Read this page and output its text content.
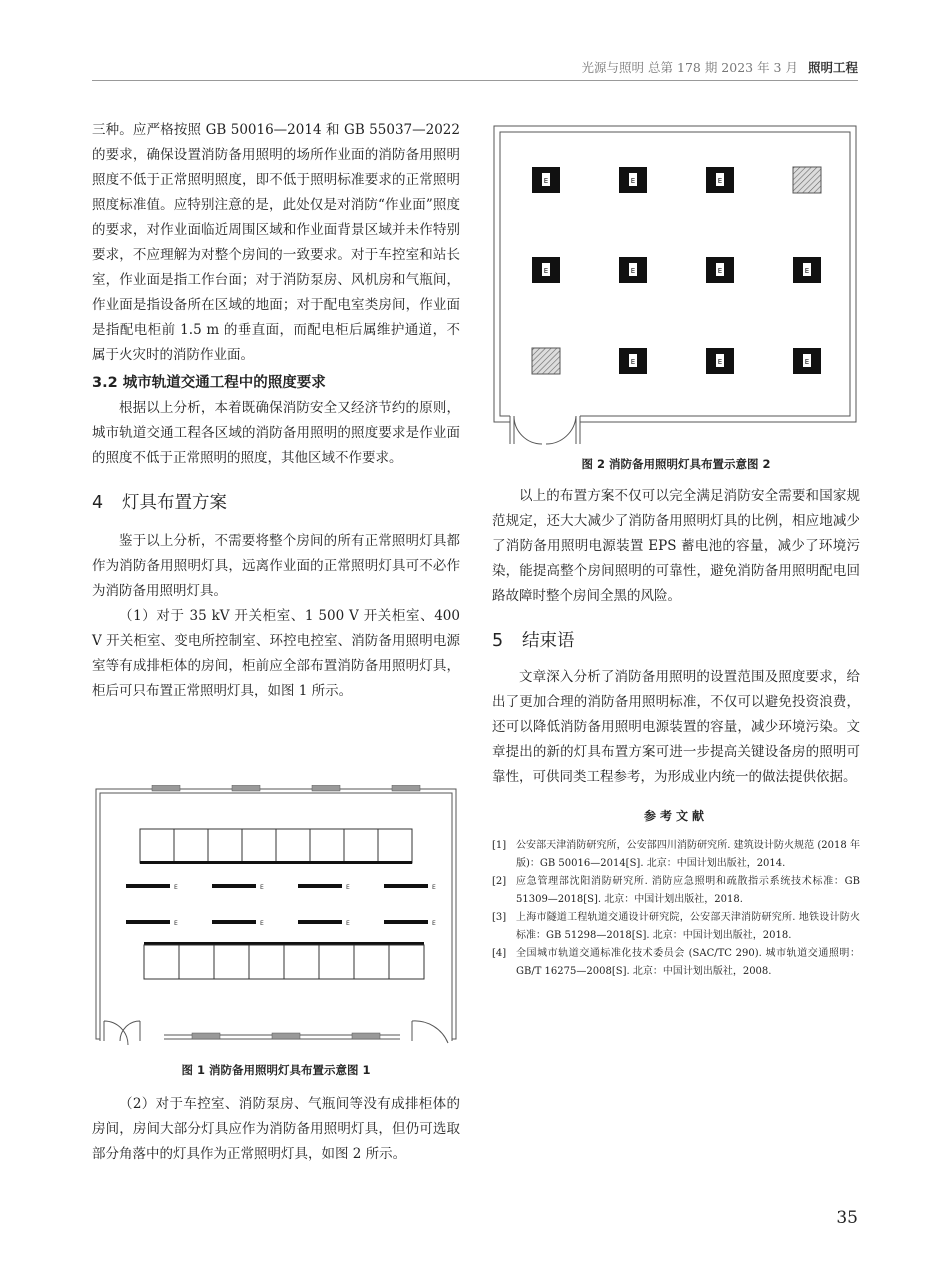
光源与照明 总第 178 期 2023 年 3 月 照明工程

三种。应严格按照 GB 50016—2014 和 GB 55037—2022 的要求，确保设置消防备用照明的场所作业面的消防备用照明照度不低于正常照明照度，即不低于照明标准要求的正常照明照度标准值。应特别注意的是，此处仅是对消防“作业面”照度的要求，对作业面临近周围区域和作业面背景区域并未作特别要求，不应理解为对整个房间的一致要求。对于车控室和站长室，作业面是指工作台面；对于消防泵房、风机房和气瓶间，作业面是指设备所在区域的地面；对于配电室类房间，作业面是指配电柜前 1.5 m 的垂直面，而配电柜后属维护通道，不属于火灾时的消防作业面。

3.2 城市轨道交通工程中的照度要求

根据以上分析，本着既确保消防安全又经济节约的原则，城市轨道交通工程各区域的消防备用照明的照度要求是作业面的照度不低于正常照明的照度，其他区域不作要求。

4 灯具布置方案

鉴于以上分析，不需要将整个房间的所有正常照明灯具都作为消防备用照明灯具，远离作业面的正常照明灯具可不必作为消防备用照明灯具。

（1）对于 35 kV 开关柜室、1 500 V 开关柜室、400 V 开关柜室、变电所控制室、环控电控室、消防备用照明电源室等有成排柜体的房间，柜前应全部布置消防备用照明灯具，柜后可只布置正常照明灯具，如图 1 所示。

E	E	E	E
E	E	E	E
图 1 消防备用照明灯具布置示意图 1

（2）对于车控室、消防泵房、气瓶间等没有成排柜体的房间，房间大部分灯具应作为消防备用照明灯具，但仍可选取部分角落中的灯具作为正常照明灯具，如图 2 所示。

E	E	E
E	E	E	E
E	E	E
图 2 消防备用照明灯具布置示意图 2

以上的布置方案不仅可以完全满足消防安全需要和国家规范规定，还大大减少了消防备用照明灯具的比例，相应地减少了消防备用照明电源装置 EPS 蓄电池的容量，减少了环境污染，能提高整个房间照明的可靠性，避免消防备用照明配电回路故障时整个房间全黑的风险。

5 结束语

文章深入分析了消防备用照明的设置范围及照度要求，给出了更加合理的消防备用照明标准，不仅可以避免投资浪费，还可以降低消防备用照明电源装置的容量，减少环境污染。文章提出的新的灯具布置方案可进一步提高关键设备房的照明可靠性，可供同类工程参考，为形成业内统一的做法提供依据。

参考文献
[1] 公安部天津消防研究所，公安部四川消防研究所. 建筑设计防火规范 (2018 年版)：GB 50016—2014[S]. 北京：中国计划出版社，2014.
[2] 应急管理部沈阳消防研究所. 消防应急照明和疏散指示系统技术标准：GB 51309—2018[S]. 北京：中国计划出版社，2018.
[3] 上海市隧道工程轨道交通设计研究院，公安部天津消防研究所. 地铁设计防火标准：GB 51298—2018[S]. 北京：中国计划出版社，2018.
[4] 全国城市轨道交通标准化技术委员会 (SAC/TC 290). 城市轨道交通照明：GB/T 16275—2008[S]. 北京：中国计划出版社，2008.
35
